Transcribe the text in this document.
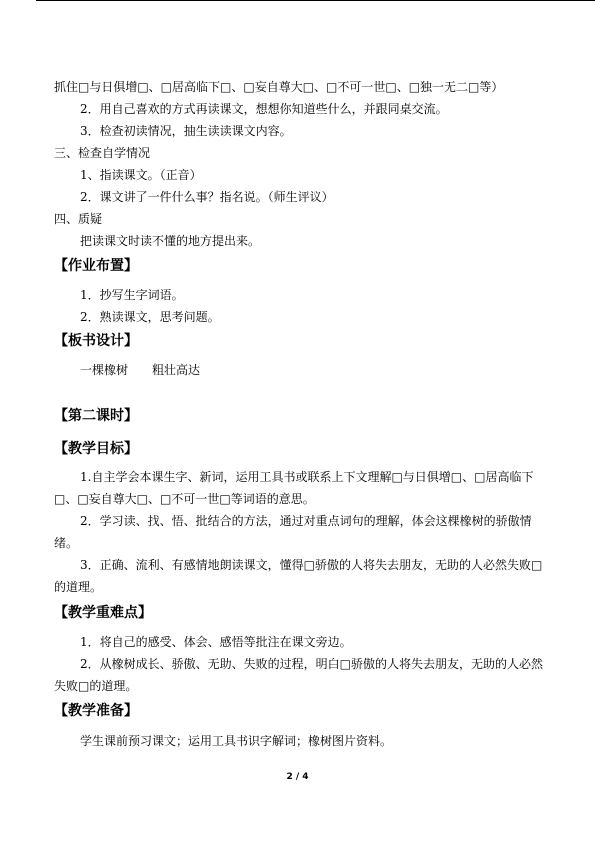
抓住□与日俱增□、□居高临下□、□妄自尊大□、□不可一世□、□独一无二□等）
2．用自己喜欢的方式再读课文，想想你知道些什么，并跟同桌交流。
3．检查初读情况，抽生读读课文内容。
三、检查自学情况
1、指读课文。（正音）
2．课文讲了一件什么事？指名说。（师生评议）
四、质疑
把读课文时读不懂的地方提出来。
【作业布置】
1．抄写生字词语。
2．熟读课文，思考问题。
【板书设计】
一棵橡树　　粗壮高达
【第二课时】
【教学目标】
1.自主学会本课生字、新词，运用工具书或联系上下文理解□与日俱增□、□居高临下□、□妄自尊大□、□不可一世□等词语的意思。
2．学习读、找、悟、批结合的方法，通过对重点词句的理解，体会这棵橡树的骄傲情绪。
3．正确、流利、有感情地朗读课文，懂得□骄傲的人将失去朋友，无助的人必然失败□的道理。
【教学重难点】
1．将自己的感受、体会、感悟等批注在课文旁边。
2．从橡树成长、骄傲、无助、失败的过程，明白□骄傲的人将失去朋友，无助的人必然失败□的道理。
【教学准备】
学生课前预习课文；运用工具书识字解词；橡树图片资料。
2 / 4
